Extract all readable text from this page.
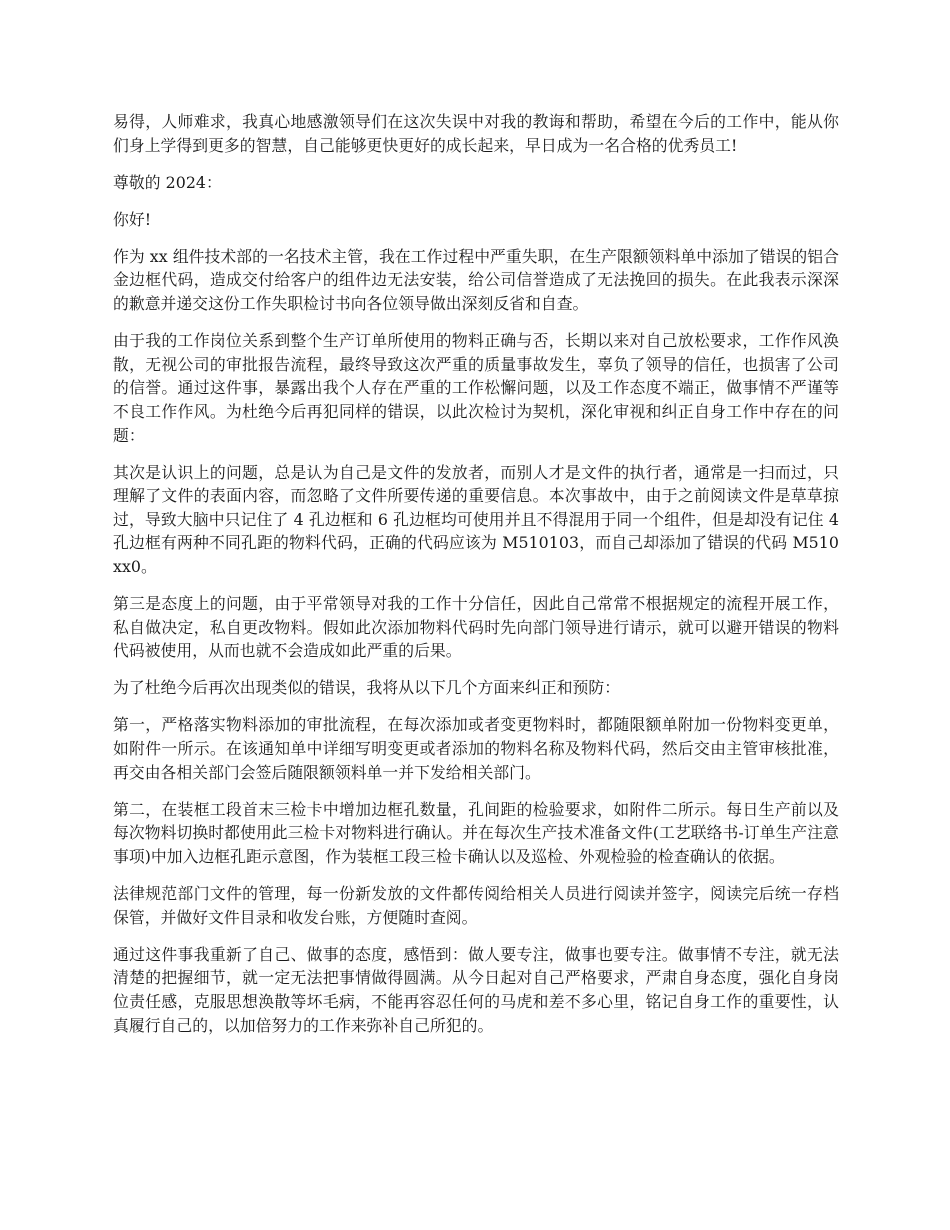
易得，人师难求，我真心地感激领导们在这次失误中对我的教诲和帮助，希望在今后的工作中，能从你们身上学得到更多的智慧，自己能够更快更好的成长起来，早日成为一名合格的优秀员工!

尊敬的 2024：

你好!

作为 xx 组件技术部的一名技术主管，我在工作过程中严重失职，在生产限额领料单中添加了错误的铝合金边框代码，造成交付给客户的组件边无法安装，给公司信誉造成了无法挽回的损失。在此我表示深深的歉意并递交这份工作失职检讨书向各位领导做出深刻反省和自查。

由于我的工作岗位关系到整个生产订单所使用的物料正确与否，长期以来对自己放松要求，工作作风涣散，无视公司的审批报告流程，最终导致这次严重的质量事故发生，辜负了领导的信任，也损害了公司的信誉。通过这件事，暴露出我个人存在严重的工作松懈问题，以及工作态度不端正，做事情不严谨等不良工作作风。为杜绝今后再犯同样的错误，以此次检讨为契机，深化审视和纠正自身工作中存在的问题：

其次是认识上的问题，总是认为自己是文件的发放者，而别人才是文件的执行者，通常是一扫而过，只理解了文件的表面内容，而忽略了文件所要传递的重要信息。本次事故中，由于之前阅读文件是草草掠过，导致大脑中只记住了 4 孔边框和 6 孔边框均可使用并且不得混用于同一个组件，但是却没有记住 4 孔边框有两种不同孔距的物料代码，正确的代码应该为 M510103，而自己却添加了错误的代码 M510xx0。

第三是态度上的问题，由于平常领导对我的工作十分信任，因此自己常常不根据规定的流程开展工作，私自做决定，私自更改物料。假如此次添加物料代码时先向部门领导进行请示，就可以避开错误的物料代码被使用，从而也就不会造成如此严重的后果。

为了杜绝今后再次出现类似的错误，我将从以下几个方面来纠正和预防：

第一，严格落实物料添加的审批流程，在每次添加或者变更物料时，都随限额单附加一份物料变更单，如附件一所示。在该通知单中详细写明变更或者添加的物料名称及物料代码，然后交由主管审核批准，再交由各相关部门会签后随限额领料单一并下发给相关部门。

第二，在装框工段首末三检卡中增加边框孔数量，孔间距的检验要求，如附件二所示。每日生产前以及每次物料切换时都使用此三检卡对物料进行确认。并在每次生产技术准备文件(工艺联络书-订单生产注意事项)中加入边框孔距示意图，作为装框工段三检卡确认以及巡检、外观检验的检查确认的依据。

法律规范部门文件的管理，每一份新发放的文件都传阅给相关人员进行阅读并签字，阅读完后统一存档保管，并做好文件目录和收发台账，方便随时查阅。

通过这件事我重新了自己、做事的态度，感悟到：做人要专注，做事也要专注。做事情不专注，就无法清楚的把握细节，就一定无法把事情做得圆满。从今日起对自己严格要求，严肃自身态度，强化自身岗位责任感，克服思想涣散等坏毛病，不能再容忍任何的马虎和差不多心里，铭记自身工作的重要性，认真履行自己的，以加倍努力的工作来弥补自己所犯的。
